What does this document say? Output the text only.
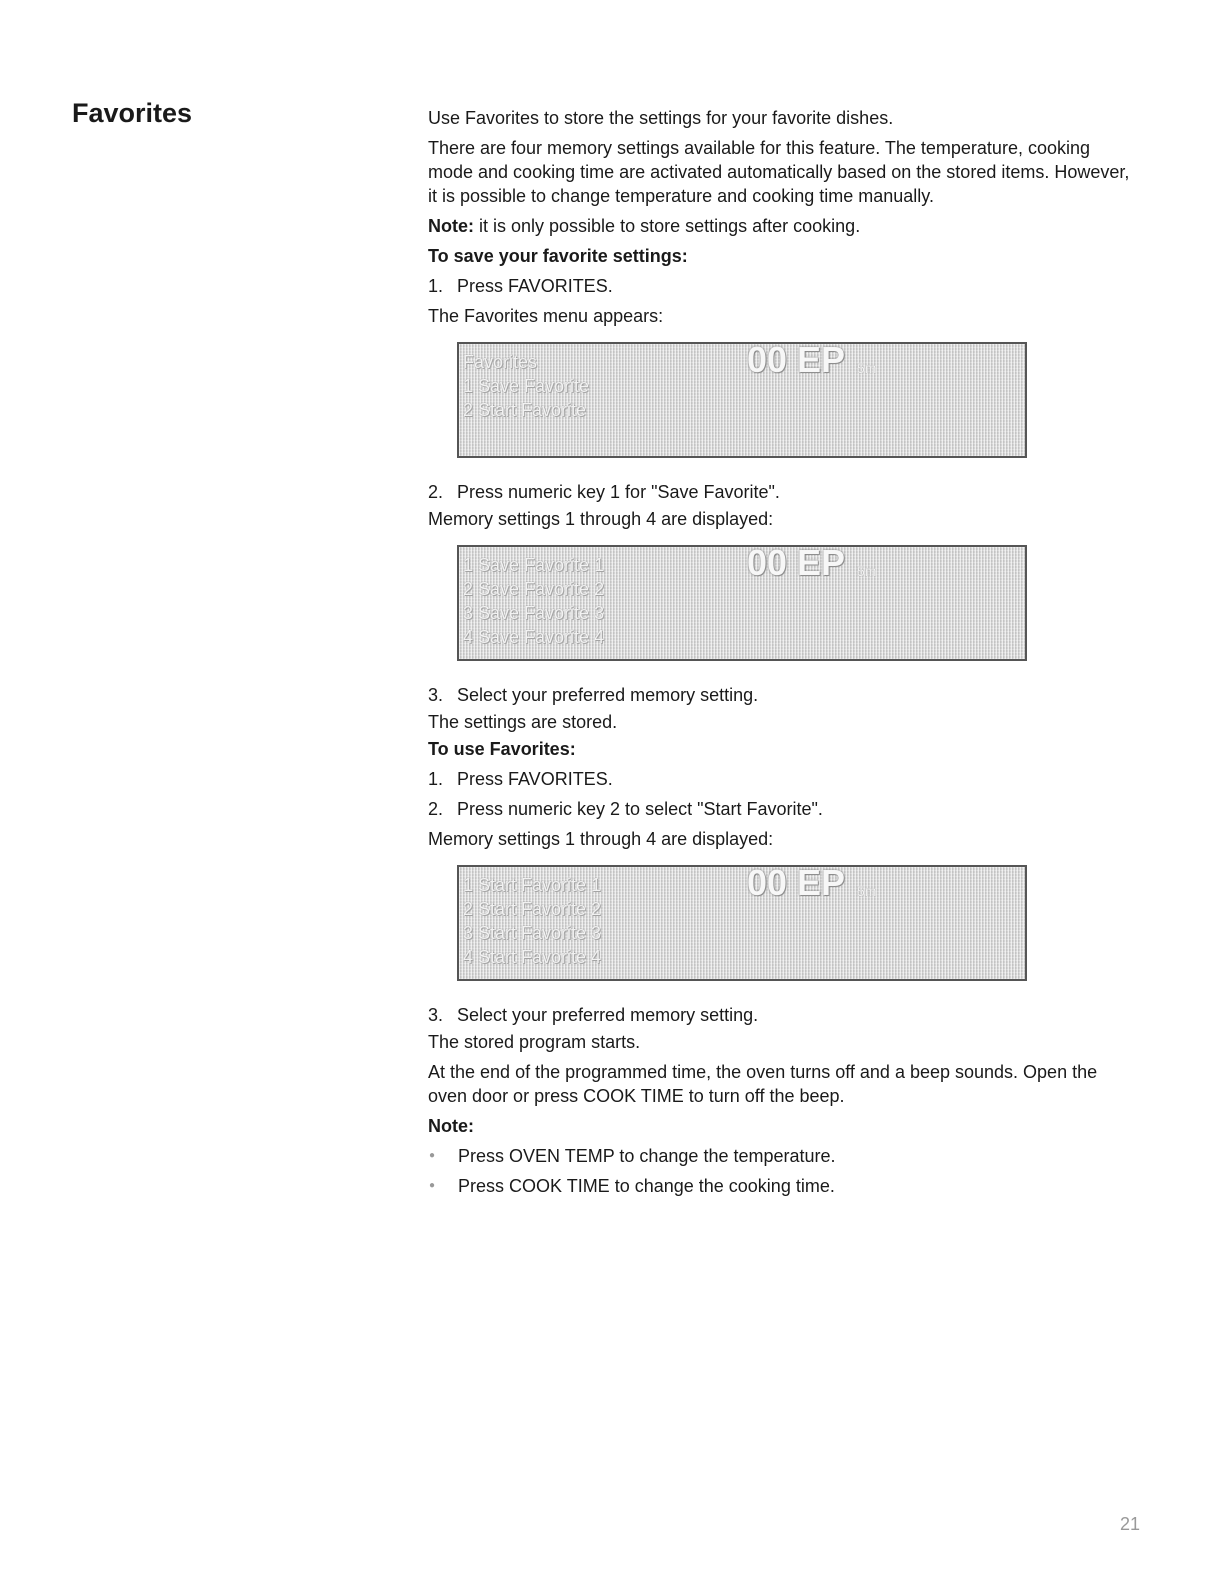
Favorites	Use Favorites to store the settings for your favorite dishes.

There are four memory settings available for this feature. The temperature, cooking mode and cooking time are activated automatically based on the stored items. However, it is possible to change temperature and cooking time manually.

Note: it is only possible to store settings after cooking.

To save your favorite settings:

1. Press FAVORITES.

The Favorites menu appears:

Favorites
1 Save Favorite
2 Start Favorite
00 EP 5m
2. Press numeric key 1 for "Save Favorite".

Memory settings 1 through 4 are displayed:

1 Save Favorite 1
2 Save Favorite 2
3 Save Favorite 3
4 Save Favorite 4
00 EP 5m
3. Select your preferred memory setting.

The settings are stored.

To use Favorites:

1. Press FAVORITES.
2. Press numeric key 2 to select "Start Favorite".

Memory settings 1 through 4 are displayed:

1 Start Favorite 1
2 Start Favorite 2
3 Start Favorite 3
4 Start Favorite 4
00 EP 5m
3. Select your preferred memory setting.

The stored program starts.

At the end of the programmed time, the oven turns off and a beep sounds. Open the oven door or press COOK TIME to turn off the beep.

Note:

●	Press OVEN TEMP to change the temperature.
●	Press COOK TIME to change the cooking time.
21
